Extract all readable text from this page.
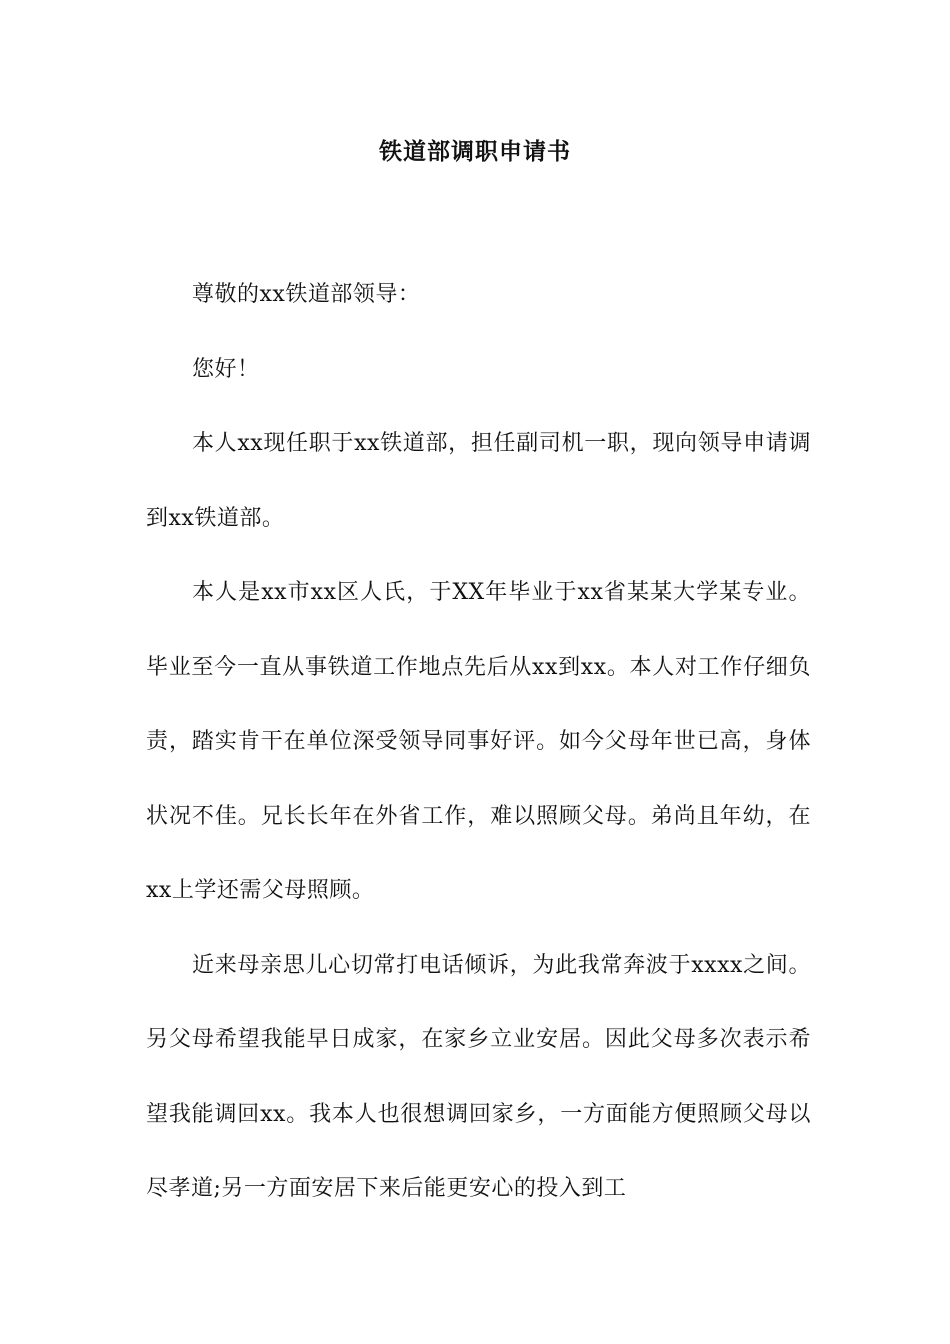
铁道部调职申请书

尊敬的xx铁道部领导：

您好！

本人xx现任职于xx铁道部，担任副司机一职，现向领导申请调到xx铁道部。

本人是xx市xx区人氏，于XX年毕业于xx省某某大学某专业。毕业至今一直从事铁道工作地点先后从xx到xx。本人对工作仔细负责，踏实肯干在单位深受领导同事好评。如今父母年世已高，身体状况不佳。兄长长年在外省工作，难以照顾父母。弟尚且年幼，在xx上学还需父母照顾。

近来母亲思儿心切常打电话倾诉，为此我常奔波于xxxx之间。另父母希望我能早日成家，在家乡立业安居。因此父母多次表示希望我能调回xx。我本人也很想调回家乡，一方面能方便照顾父母以尽孝道;另一方面安居下来后能更安心的投入到工
